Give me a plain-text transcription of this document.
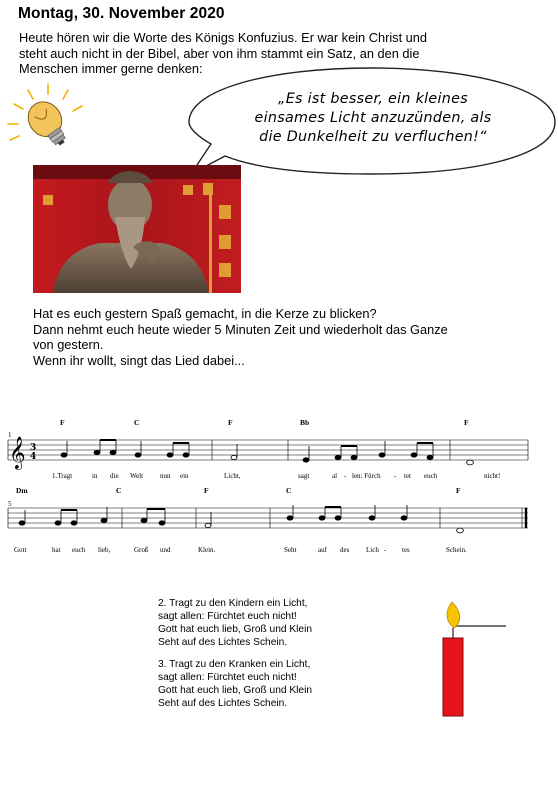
Montag, 30. November 2020
Heute hören wir die Worte des Königs Konfuzius. Er war kein Christ und
steht auch nicht in der Bibel, aber von ihm stammt ein Satz, an den die
Menschen immer gerne denken:
„Es ist besser, ein kleines
einsames Licht anzuzünden, als
die Dunkelheit zu verfluchen!“
Hat es euch gestern Spaß gemacht, in die Kerze zu blicken?
Dann nehmt euch heute wieder 5 Minuten Zeit und wiederholt das Ganze
von gestern.
Wenn ihr wollt, singt das Lied dabei...
1
F	C	F	Bb	F
𝄞 3
4
1.Tragt	in die Welt nun ein	Licht,	sagt	al - len: Fürch - tet euch	nicht!
5
Dm	C	F	C	F
Gott	hat euch lieb,	Groß und	Klein.	Seht	auf des Lich - tes	Schein.
2. Tragt zu den Kindern ein Licht,
sagt allen: Fürchtet euch nicht!
Gott hat euch lieb, Groß und Klein
Seht auf des Lichtes Schein.
3. Tragt zu den Kranken ein Licht,
sagt allen: Fürchtet euch nicht!
Gott hat euch lieb, Groß und Klein
Seht auf des Lichtes Schein.
